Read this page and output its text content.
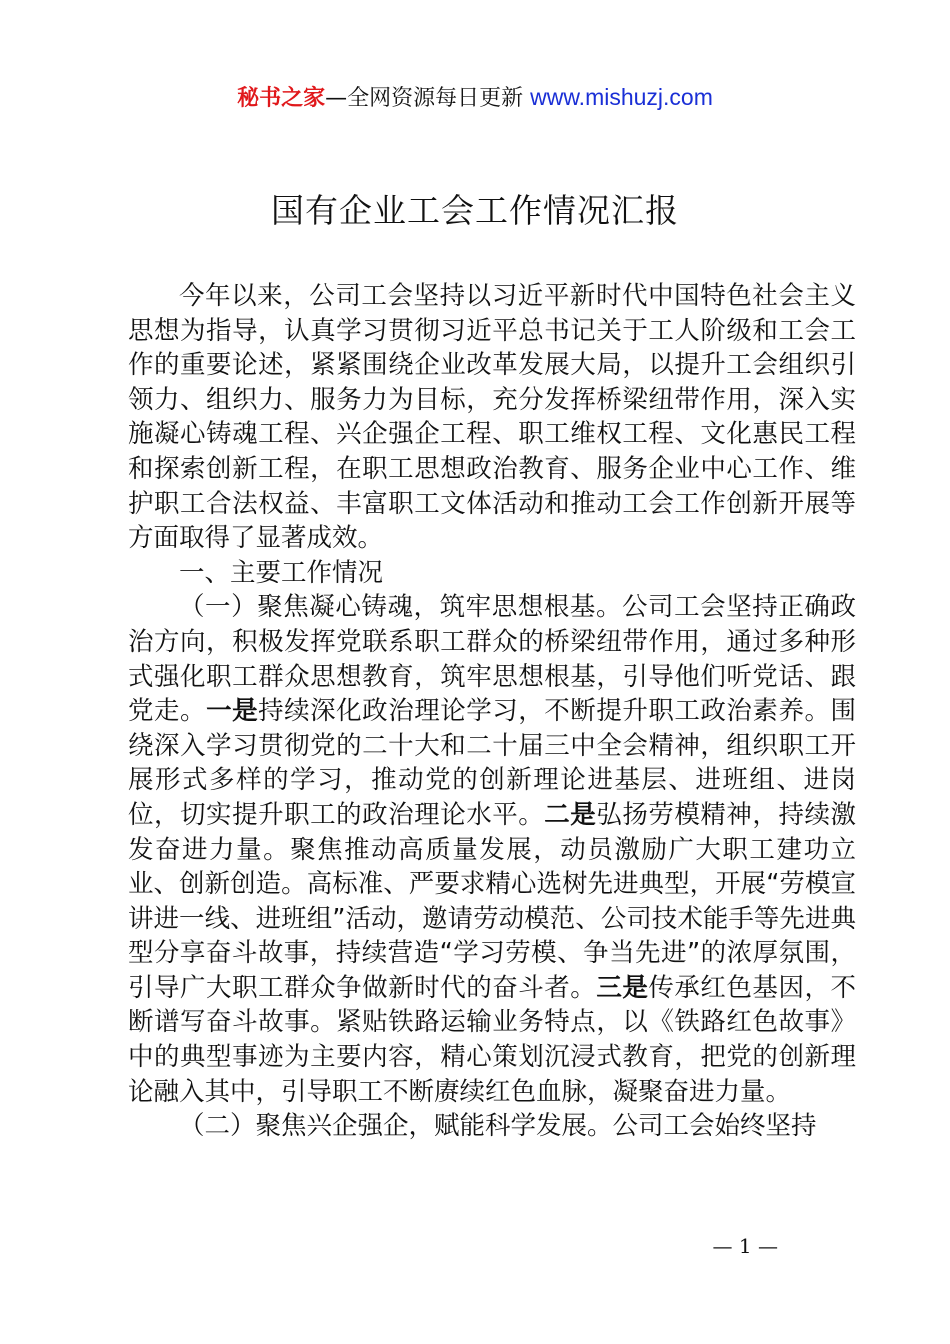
秘书之家—全网资源每日更新 www.mishuzj.com
国有企业工会工作情况汇报

今年以来，公司工会坚持以习近平新时代中国特色社会主义思想为指导，认真学习贯彻习近平总书记关于工人阶级和工会工作的重要论述，紧紧围绕企业改革发展大局，以提升工会组织引领力、组织力、服务力为目标，充分发挥桥梁纽带作用，深入实施凝心铸魂工程、兴企强企工程、职工维权工程、文化惠民工程和探索创新工程，在职工思想政治教育、服务企业中心工作、维护职工合法权益、丰富职工文体活动和推动工会工作创新开展等方面取得了显著成效。

一、主要工作情况

（一）聚焦凝心铸魂，筑牢思想根基。公司工会坚持正确政治方向，积极发挥党联系职工群众的桥梁纽带作用，通过多种形式强化职工群众思想教育，筑牢思想根基，引导他们听党话、跟党走。一是持续深化政治理论学习，不断提升职工政治素养。围绕深入学习贯彻党的二十大和二十届三中全会精神，组织职工开展形式多样的学习，推动党的创新理论进基层、进班组、进岗位，切实提升职工的政治理论水平。二是弘扬劳模精神，持续激发奋进力量。聚焦推动高质量发展，动员激励广大职工建功立业、创新创造。高标准、严要求精心选树先进典型，开展“劳模宣讲进一线、进班组”活动，邀请劳动模范、公司技术能手等先进典型分享奋斗故事，持续营造“学习劳模、争当先进”的浓厚氛围，引导广大职工群众争做新时代的奋斗者。三是传承红色基因，不断谱写奋斗故事。紧贴铁路运输业务特点，以《铁路红色故事》中的典型事迹为主要内容，精心策划沉浸式教育，把党的创新理论融入其中，引导职工不断赓续红色血脉，凝聚奋进力量。

（二）聚焦兴企强企，赋能科学发展。公司工会始终坚持

— 1 —
